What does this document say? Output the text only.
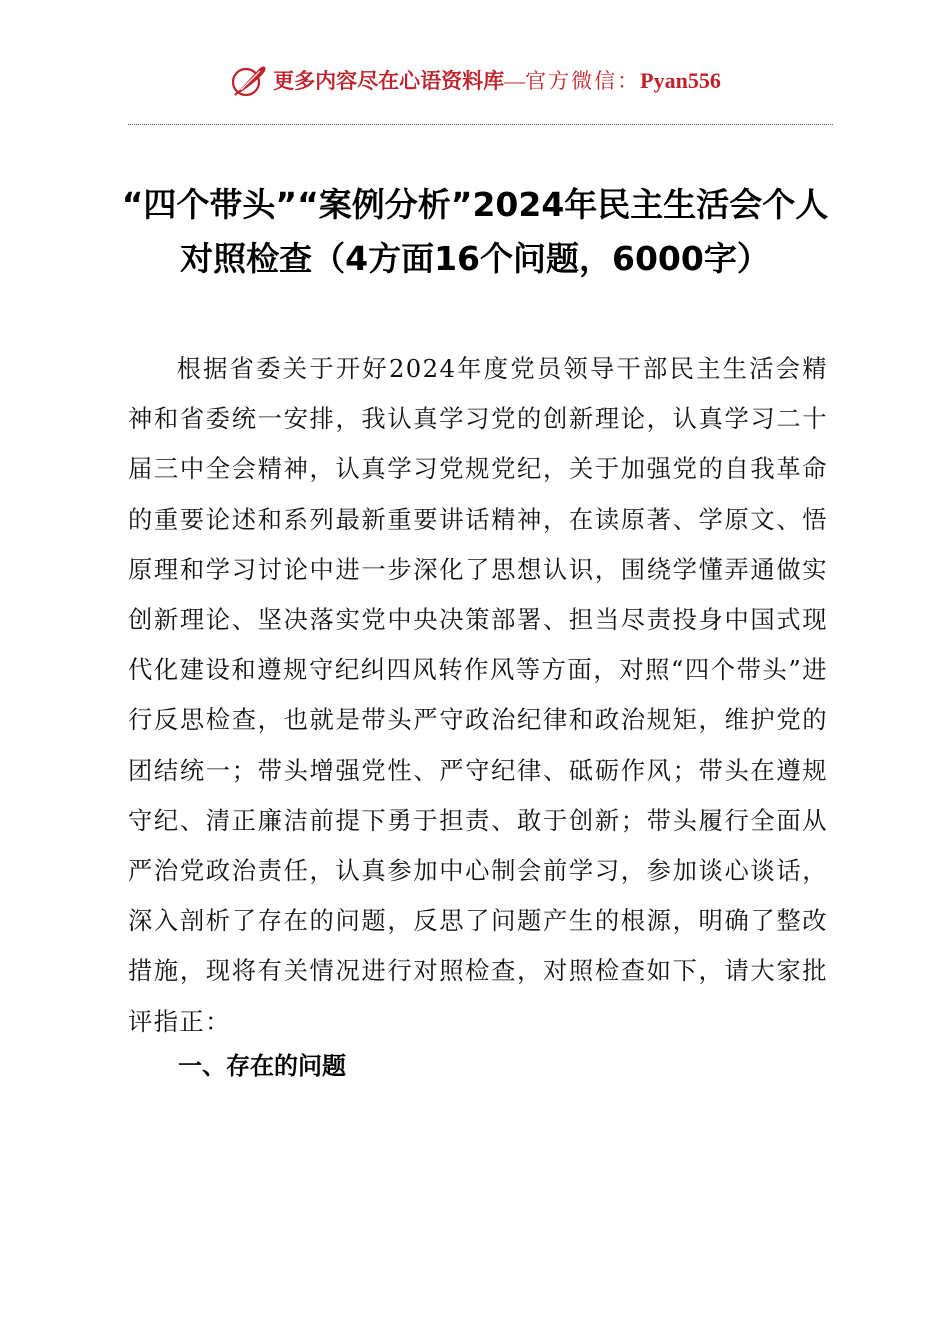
更多内容尽在心语资料库—官方微信：Pyan556
“四个带头”“案例分析”2024年民主生活会个人对照检查（4方面16个问题，6000字）

根据省委关于开好2024年度党员领导干部民主生活会精神和省委统一安排，我认真学习党的创新理论，认真学习二十届三中全会精神，认真学习党规党纪，关于加强党的自我革命的重要论述和系列最新重要讲话精神，在读原著、学原文、悟原理和学习讨论中进一步深化了思想认识，围绕学懂弄通做实创新理论、坚决落实党中央决策部署、担当尽责投身中国式现代化建设和遵规守纪纠四风转作风等方面，对照“四个带头”进行反思检查，也就是带头严守政治纪律和政治规矩，维护党的团结统一；带头增强党性、严守纪律、砥砺作风；带头在遵规守纪、清正廉洁前提下勇于担责、敢于创新；带头履行全面从严治党政治责任，认真参加中心制会前学习，参加谈心谈话，深入剖析了存在的问题，反思了问题产生的根源，明确了整改措施，现将有关情况进行对照检查，对照检查如下，请大家批评指正：

一、存在的问题
